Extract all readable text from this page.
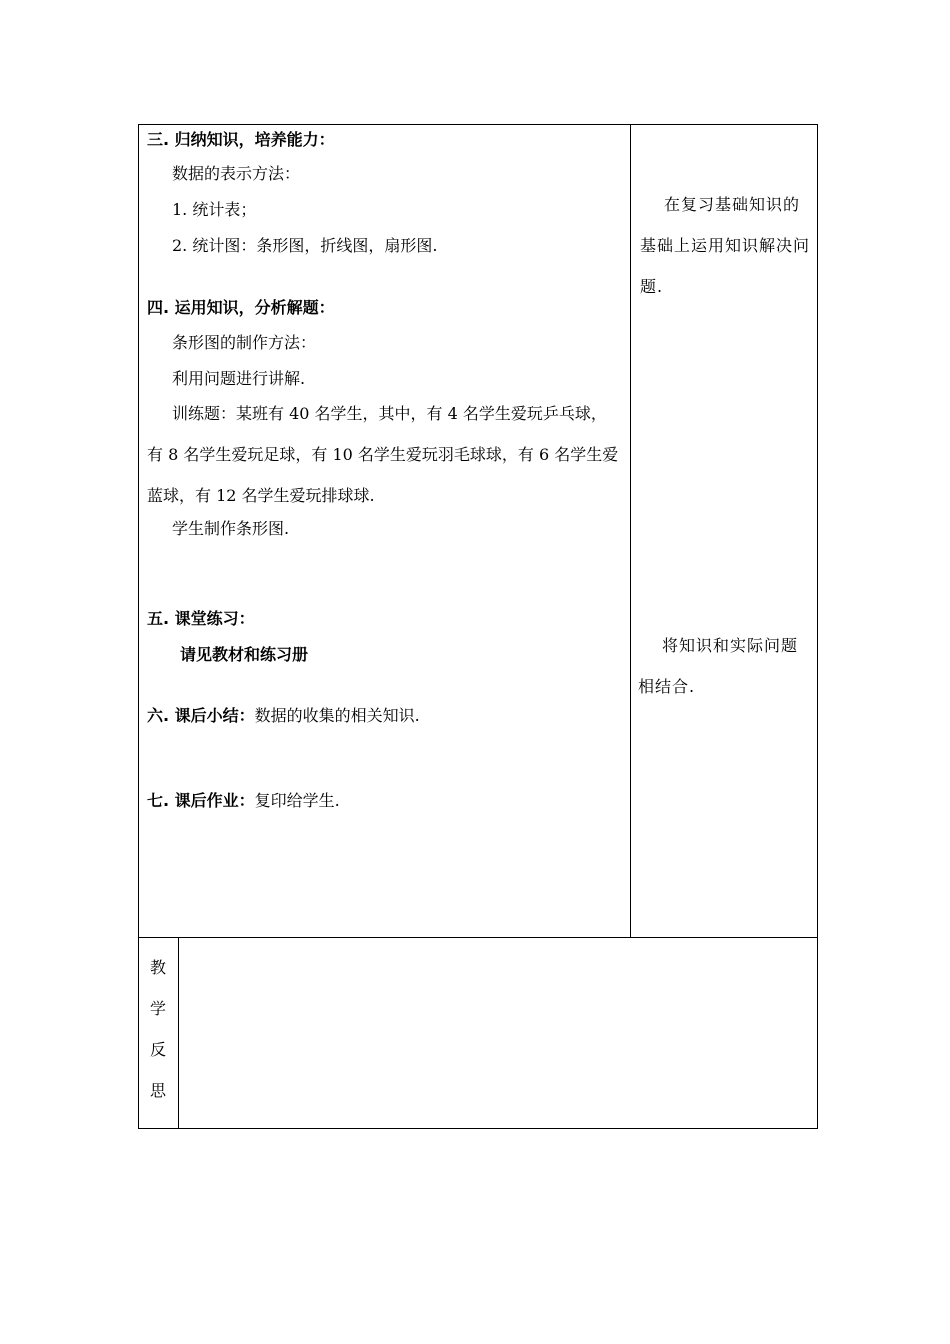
三. 归纳知识，培养能力：
数据的表示方法：
1. 统计表；
2. 统计图：条形图，折线图，扇形图.
四. 运用知识，分析解题：
条形图的制作方法：
利用问题进行讲解.
训练题：某班有 40 名学生，其中，有 4 名学生爱玩乒乓球，
有 8 名学生爱玩足球，有 10 名学生爱玩羽毛球球，有 6 名学生爱
蓝球，有 12 名学生爱玩排球球.
学生制作条形图.
五. 课堂练习：
请见教材和练习册
六. 课后小结：数据的收集的相关知识.
七. 课后作业：复印给学生.
在复习基础知识的
基础上运用知识解决问
题.
将知识和实际问题
相结合.
教
学
反
思
